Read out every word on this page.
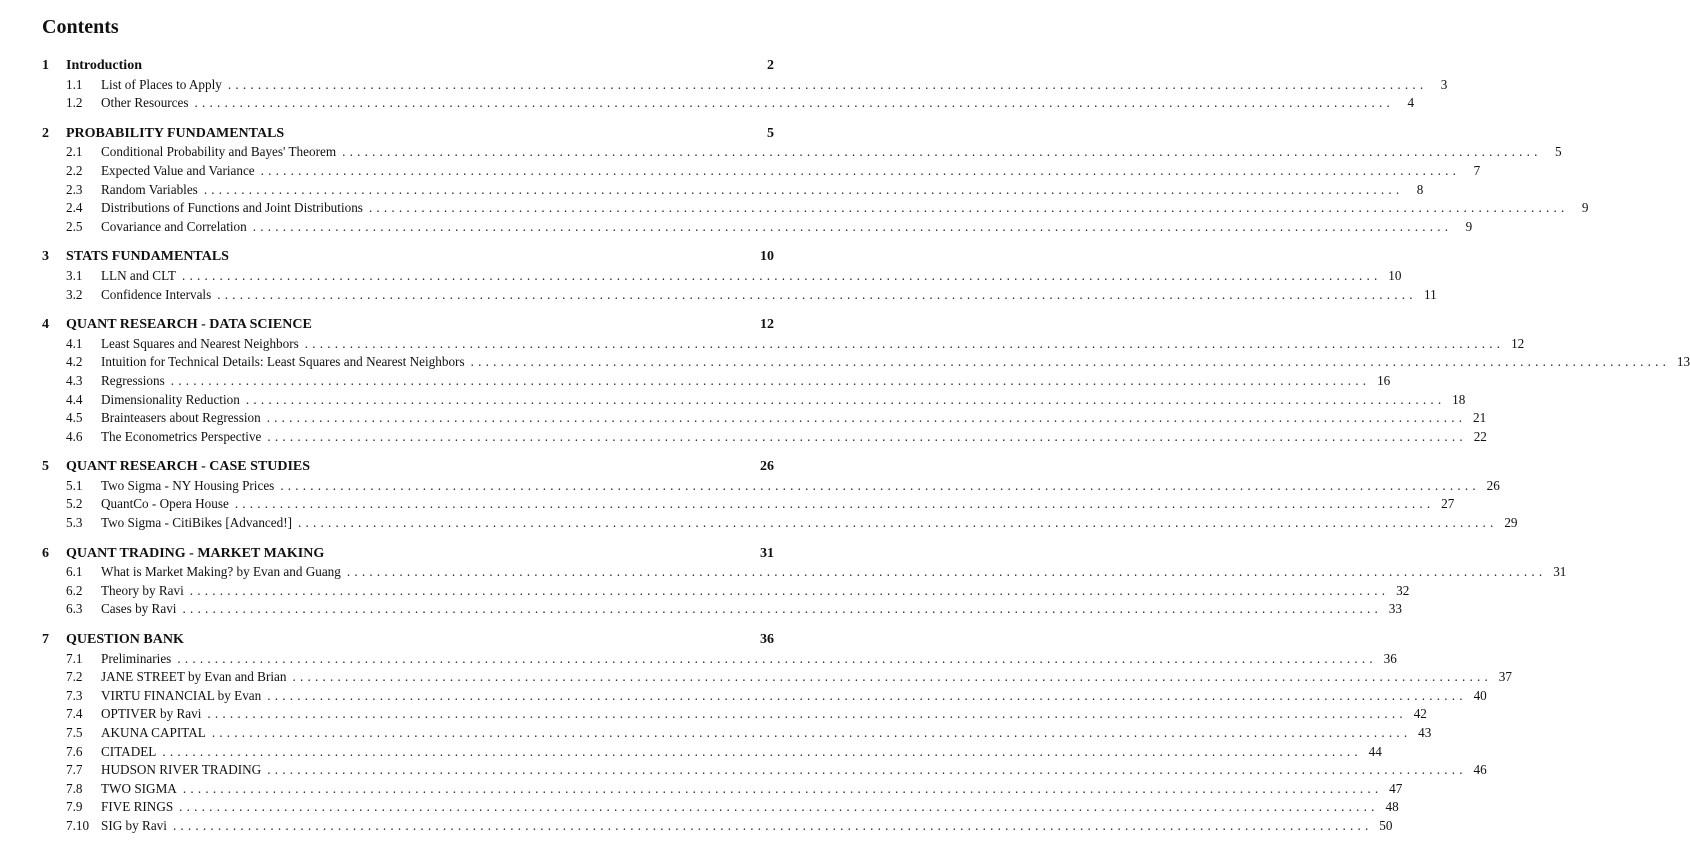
Contents
1	Introduction	2
1.1	List of Places to Apply ................................................................................................................................................................	3
1.2	Other Resources ................................................................................................................................................................	4
2	PROBABILITY FUNDAMENTALS	5
2.1	Conditional Probability and Bayes' Theorem ................................................................................................................................................................	5
2.2	Expected Value and Variance ................................................................................................................................................................	7
2.3	Random Variables ................................................................................................................................................................	8
2.4	Distributions of Functions and Joint Distributions ................................................................................................................................................................	9
2.5	Covariance and Correlation ................................................................................................................................................................	9
3	STATS FUNDAMENTALS	10
3.1	LLN and CLT ................................................................................................................................................................ 10
3.2	Confidence Intervals ................................................................................................................................................................ 11
4	QUANT RESEARCH - DATA SCIENCE	12
4.1	Least Squares and Nearest Neighbors ................................................................................................................................................................ 12
4.2	Intuition for Technical Details: Least Squares and Nearest Neighbors ................................................................................................................................................................ 13
4.3	Regressions ................................................................................................................................................................ 16
4.4	Dimensionality Reduction ................................................................................................................................................................ 18
4.5	Brainteasers about Regression ................................................................................................................................................................ 21
4.6	The Econometrics Perspective ................................................................................................................................................................ 22
5	QUANT RESEARCH - CASE STUDIES	26
5.1	Two Sigma - NY Housing Prices ................................................................................................................................................................ 26
5.2	QuantCo - Opera House ................................................................................................................................................................ 27
5.3	Two Sigma - CitiBikes [Advanced!] ................................................................................................................................................................ 29
6	QUANT TRADING - MARKET MAKING	31
6.1	What is Market Making? by Evan and Guang ................................................................................................................................................................ 31
6.2	Theory by Ravi ................................................................................................................................................................ 32
6.3	Cases by Ravi ................................................................................................................................................................ 33
7	QUESTION BANK	36
7.1	Preliminaries ................................................................................................................................................................ 36
7.2	JANE STREET by Evan and Brian ................................................................................................................................................................ 37
7.3	VIRTU FINANCIAL by Evan ................................................................................................................................................................ 40
7.4	OPTIVER by Ravi ................................................................................................................................................................ 42
7.5	AKUNA CAPITAL ................................................................................................................................................................ 43
7.6	CITADEL ................................................................................................................................................................ 44
7.7	HUDSON RIVER TRADING ................................................................................................................................................................ 46
7.8	TWO SIGMA ................................................................................................................................................................ 47
7.9	FIVE RINGS ................................................................................................................................................................ 48
7.10 SIG by Ravi ................................................................................................................................................................ 50
